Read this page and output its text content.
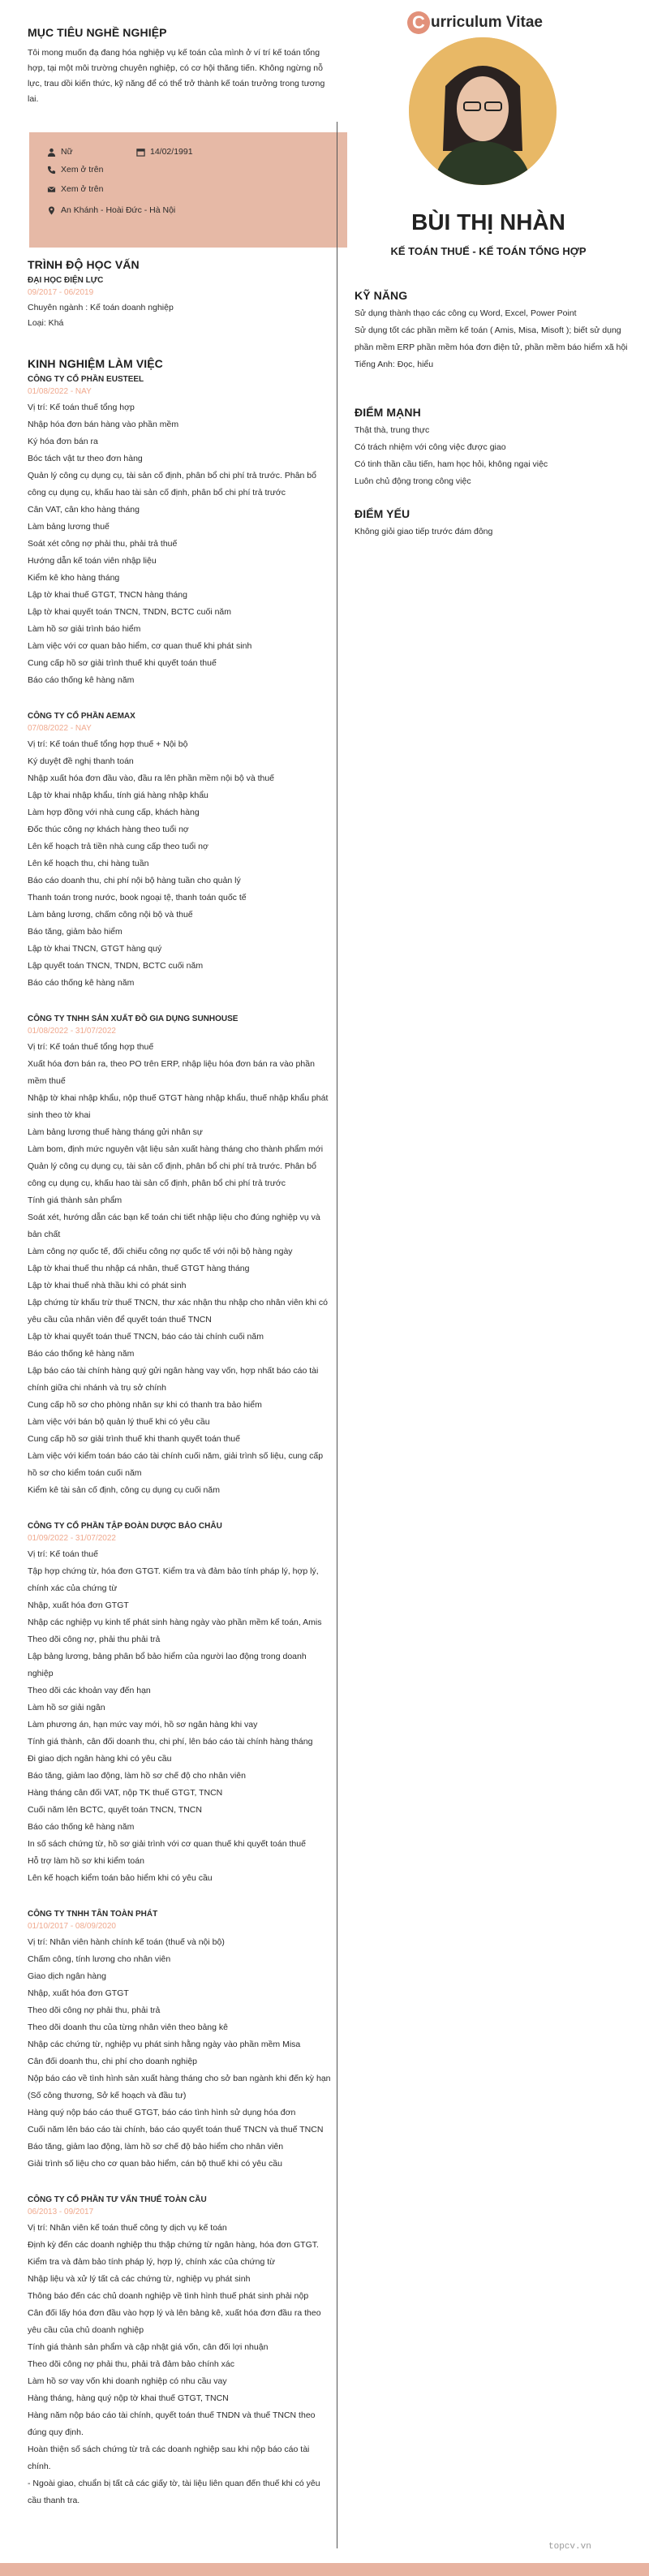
MỤC TIÊU NGHỀ NGHIỆP

Tôi mong muốn đạ đang hóa nghiệp vụ kế toán của mình ở ví trí kế toán tổng hợp, tại một môi trường chuyên nghiệp, có cơ hội thăng tiến. Không ngừng nỗ lực, trau dồi kiến thức, kỹ năng để có thể trở thành kế toán trưởng trong tương lai.

Nữ	14/02/1991
Xem ở trên
Xem ở trên
An Khánh - Hoài Đức - Hà Nội
TRÌNH ĐỘ HỌC VẤN

ĐẠI HỌC ĐIỆN LỰC

09/2017 - 06/2019

Chuyên ngành : Kế toán doanh nghiệp

Loại: Khá

KINH NGHIỆM LÀM VIỆC

CÔNG TY CỔ PHẦN EUSTEEL

01/08/2022 - NAY

Vị trí: Kế toán thuế tổng hợp
Nhập hóa đơn bán hàng vào phần mềm
Ký hóa đơn bán ra
Bóc tách vật tư theo đơn hàng
Quản lý công cụ dụng cụ, tài sản cố định, phân bổ chi phí trả trước. Phân bổ công cụ dụng cụ, khấu hao tài sản cố định, phân bổ chi phí trả trước
Cân VAT, cân kho hàng tháng
Làm bảng lương thuế
Soát xét công nợ phải thu, phải trả thuế
Hướng dẫn kế toán viên nhập liệu
Kiểm kê kho hàng tháng
Lập tờ khai thuế GTGT, TNCN hàng tháng
Lập tờ khai quyết toán TNCN, TNDN, BCTC cuối năm
Làm hồ sơ giải trình báo hiểm
Làm việc với cơ quan bảo hiểm, cơ quan thuế khi phát sinh
Cung cấp hồ sơ giải trình thuế khi quyết toán thuế
Báo cáo thống kê hàng năm

CÔNG TY CỔ PHẦN AEMAX

07/08/2022 - NAY

Vị trí: Kế toán thuế tổng hợp thuế + Nội bộ
Ký duyệt đề nghị thanh toán
Nhập xuất hóa đơn đầu vào, đầu ra lên phần mềm nội bộ và thuế
Lập tờ khai nhập khẩu, tính giá hàng nhập khẩu
Làm hợp đồng với nhà cung cấp, khách hàng
Đốc thúc công nợ khách hàng theo tuổi nợ
Lên kế hoạch trả tiền nhà cung cấp theo tuổi nợ
Lên kế hoạch thu, chi hàng tuần
Báo cáo doanh thu, chi phí nội bộ hàng tuần cho quản lý
Thanh toán trong nước, book ngoại tệ, thanh toán quốc tế
Làm bảng lương, chấm công nội bộ và thuế
Báo tăng, giảm bảo hiểm
Lập tờ khai TNCN, GTGT hàng quý
Lập quyết toán TNCN, TNDN, BCTC cuối năm
Báo cáo thống kê hàng năm

CÔNG TY TNHH SẢN XUẤT ĐỒ GIA DỤNG SUNHOUSE

01/08/2022 - 31/07/2022

Vị trí: Kế toán thuế tổng hợp thuế
Xuất hóa đơn bán ra, theo PO trên ERP, nhập liệu hóa đơn bán ra vào phần mềm thuế
Nhập tờ khai nhập khẩu, nộp thuế GTGT hàng nhập khẩu, thuế nhập khẩu phát sinh theo tờ khai
Làm bảng lương thuế hàng tháng gửi nhân sự
Làm bom, định mức nguyên vật liệu sản xuất hàng tháng cho thành phẩm mới
Quản lý công cụ dụng cụ, tài sản cố định, phân bổ chi phí trả trước. Phân bổ công cụ dụng cụ, khấu hao tài sản cố định, phân bổ chi phí trả trước
Tính giá thành sản phẩm
Soát xét, hướng dẫn các bạn kế toán chi tiết nhập liệu cho đúng nghiệp vụ và bản chất
Làm công nợ quốc tế, đối chiếu công nợ quốc tế với nội bộ hàng ngày
Lập tờ khai thuế thu nhập cá nhân, thuế GTGT hàng tháng
Lập tờ khai thuế nhà thầu khi có phát sinh
Lập chứng từ khấu trừ thuế TNCN, thư xác nhận thu nhập cho nhân viên khi có yêu cầu của nhân viên để quyết toán thuế TNCN
Lập tờ khai quyết toán thuế TNCN, báo cáo tài chính cuối năm
Báo cáo thống kê hàng năm
Lập báo cáo tài chính hàng quý gửi ngân hàng vay vốn, hợp nhất báo cáo tài chính giữa chi nhánh và trụ sở chính
Cung cấp hồ sơ cho phòng nhân sự khi có thanh tra bảo hiểm
Làm việc với bán bộ quản lý thuế khi có yêu cầu
Cung cấp hồ sơ giải trình thuế khi thanh quyết toán thuế
Làm việc với kiểm toán báo cáo tài chính cuối năm, giải trình số liệu, cung cấp hồ sơ cho kiểm toán cuối năm
Kiểm kê tài sản cố định, công cụ dụng cụ cuối năm

CÔNG TY CỔ PHẦN TẬP ĐOÀN DƯỢC BẢO CHÂU

01/09/2022 - 31/07/2022

Vị trí: Kế toán thuế
Tập hợp chứng từ, hóa đơn GTGT. Kiểm tra và đảm bảo tính pháp lý, hợp lý, chính xác của chứng từ
Nhập, xuất hóa đơn GTGT
Nhập các nghiệp vụ kinh tế phát sinh hàng ngày vào phần mềm kế toán, Amis
Theo dõi công nợ, phải thu phải trả
Lập bảng lương, bảng phân bổ bảo hiểm của người lao động trong doanh nghiệp
Theo dõi các khoản vay đến hạn
Làm hồ sơ giải ngân
Làm phương án, hạn mức vay mới, hồ sơ ngân hàng khi vay
Tính giá thành, cân đối doanh thu, chi phí, lên báo cáo tài chính hàng tháng
Đi giao dịch ngân hàng khi có yêu cầu
Báo tăng, giảm lao động, làm hồ sơ chế độ cho nhân viên
Hàng tháng cân đối VAT, nộp TK thuế GTGT, TNCN
Cuối năm lên BCTC, quyết toán TNCN, TNCN
Báo cáo thống kê hàng năm
In số sách chứng từ, hồ sơ giải trình với cơ quan thuế khi quyết toán thuế
Hỗ trợ làm hồ sơ khi kiểm toán
Lên kế hoạch kiểm toán bảo hiểm khi có yêu cầu

CÔNG TY TNHH TÂN TOÀN PHÁT

01/10/2017 - 08/09/2020

Vị trí: Nhân viên hành chính kế toán (thuế và nội bộ)
Chấm công, tính lương cho nhân viên
Giao dịch ngân hàng
Nhập, xuất hóa đơn GTGT
Theo dõi công nợ phải thu, phải trả
Theo dõi doanh thu của từng nhân viên theo bảng kê
Nhập các chứng từ, nghiệp vụ phát sinh hằng ngày vào phần mềm Misa
Cân đối doanh thu, chi phí cho doanh nghiệp
Nộp báo cáo về tình hình sản xuất hàng tháng cho sở ban ngành khi đến kỳ hạn (Số công thương, Sở kế hoạch và đầu tư)
Hàng quý nộp báo cáo thuế GTGT, báo cáo tình hình sử dụng hóa đơn
Cuối năm lên báo cáo tài chính, báo cáo quyết toán thuế TNCN và thuế TNCN
Báo tăng, giảm lao động, làm hồ sơ chế độ bảo hiểm cho nhân viên
Giải trình số liệu cho cơ quan bảo hiểm, cán bộ thuế khi có yêu cầu

CÔNG TY CỔ PHẦN TƯ VẤN THUẾ TOÀN CẦU

06/2013 - 09/2017

Vị trí: Nhân viên kế toán thuế công ty dịch vụ kế toán
Định kỳ đến các doanh nghiệp thu thập chứng từ ngân hàng, hóa đơn GTGT. Kiểm tra và đảm bảo tính pháp lý, hợp lý, chính xác của chứng từ
Nhập liệu và xử lý tất cả các chứng từ, nghiệp vụ phát sinh
Thông báo đến các chủ doanh nghiệp về tình hình thuế phát sinh phải nộp
Cân đối lấy hóa đơn đầu vào hợp lý và lên bảng kê, xuất hóa đơn đầu ra theo yêu cầu của chủ doanh nghiệp
Tính giá thành sản phẩm và cập nhật giá vốn, cân đối lợi nhuận
Theo dõi công nợ phải thu, phải trả đảm bảo chính xác
Làm hồ sơ vay vốn khi doanh nghiệp có nhu cầu vay
Hàng tháng, hàng quý nộp tờ khai thuế GTGT, TNCN
Hàng năm nộp báo cáo tài chính, quyết toán thuế TNDN và thuế TNCN theo đúng quy định.
Hoàn thiện số sách chứng từ trả các doanh nghiệp sau khi nộp báo cáo tài chính.
- Ngoài giao, chuẩn bị tất cả các giấy tờ, tài liệu liên quan đến thuế khi có yêu cầu thanh tra.
C urriculum Vitae
BÙI THỊ NHÀN
KẾ TOÁN THUẾ - KẾ TOÁN TỔNG HỢP
KỸ NĂNG
Sử dụng thành thạo các công cụ Word, Excel, Power Point
Sử dụng tốt các phần mềm kế toán ( Amis, Misa, Misoft ); biết sử dụng phần mềm ERP phần mềm hóa đơn điện tử, phần mềm báo hiểm xã hội
Tiếng Anh: Đọc, hiểu
ĐIỂM MẠNH
Thật thà, trung thực
Có trách nhiệm với công việc được giao
Có tinh thần cầu tiến, ham học hỏi, không ngại việc
Luôn chủ động trong công việc
ĐIỂM YẾU
Không giỏi giao tiếp trước đám đông
topcv.vn
